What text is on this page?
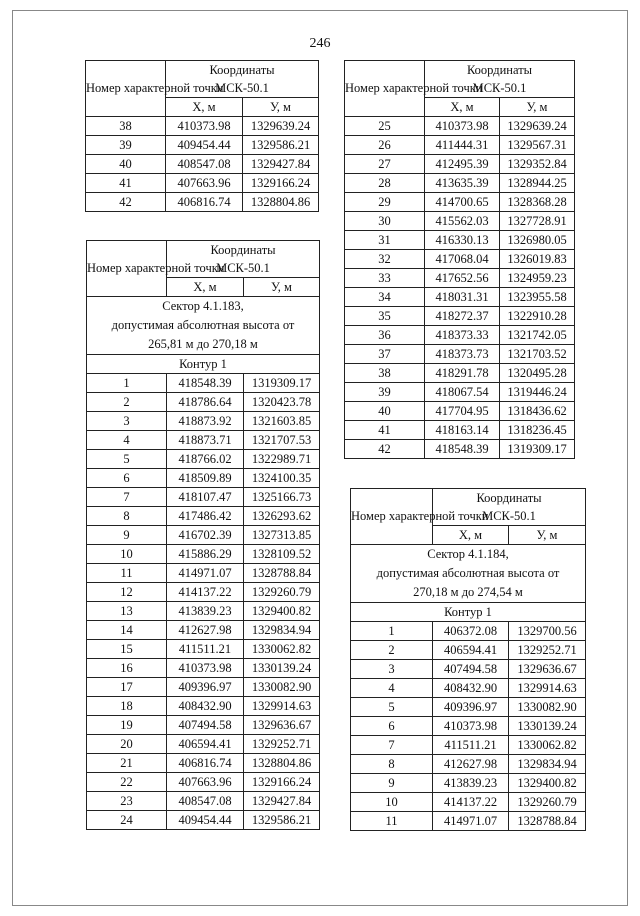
246
Номер характерной точки	Координаты
МСК-50.1	

	X, м	У, м
38	410373.98	1329639.24
39	409454.44	1329586.21
40	408547.08	1329427.84
41	407663.96	1329166.24
42	406816.74	1328804.86
Номер характерной точки	Координаты
МСК-50.1	

	X, м	У, м

Сектор 4.1.183,
допустимая абсолютная высота от
265,81 м до 270,18 м		

Контур 1		
1	418548.39	1319309.17
2	418786.64	1320423.78
3	418873.92	1321603.85
4	418873.71	1321707.53
5	418766.02	1322989.71
6	418509.89	1324100.35
7	418107.47	1325166.73
8	417486.42	1326293.62
9	416702.39	1327313.85
10	415886.29	1328109.52
11	414971.07	1328788.84
12	414137.22	1329260.79
13	413839.23	1329400.82
14	412627.98	1329834.94
15	411511.21	1330062.82
16	410373.98	1330139.24
17	409396.97	1330082.90
18	408432.90	1329914.63
19	407494.58	1329636.67
20	406594.41	1329252.71
21	406816.74	1328804.86
22	407663.96	1329166.24
23	408547.08	1329427.84
24	409454.44	1329586.21
Номер характерной точки	Координаты
МСК-50.1	

	X, м	У, м
25	410373.98	1329639.24
26	411444.31	1329567.31
27	412495.39	1329352.84
28	413635.39	1328944.25
29	414700.65	1328368.28
30	415562.03	1327728.91
31	416330.13	1326980.05
32	417068.04	1326019.83
33	417652.56	1324959.23
34	418031.31	1323955.58
35	418272.37	1322910.28
36	418373.33	1321742.05
37	418373.73	1321703.52
38	418291.78	1320495.28
39	418067.54	1319446.24
40	417704.95	1318436.62
41	418163.14	1318236.45
42	418548.39	1319309.17
Номер характерной точки	Координаты
МСК-50.1	

	X, м	У, м

Сектор 4.1.184,
допустимая абсолютная высота от
270,18 м до 274,54 м		

Контур 1		
1	406372.08	1329700.56
2	406594.41	1329252.71
3	407494.58	1329636.67
4	408432.90	1329914.63
5	409396.97	1330082.90
6	410373.98	1330139.24
7	411511.21	1330062.82
8	412627.98	1329834.94
9	413839.23	1329400.82
10	414137.22	1329260.79
11	414971.07	1328788.84
